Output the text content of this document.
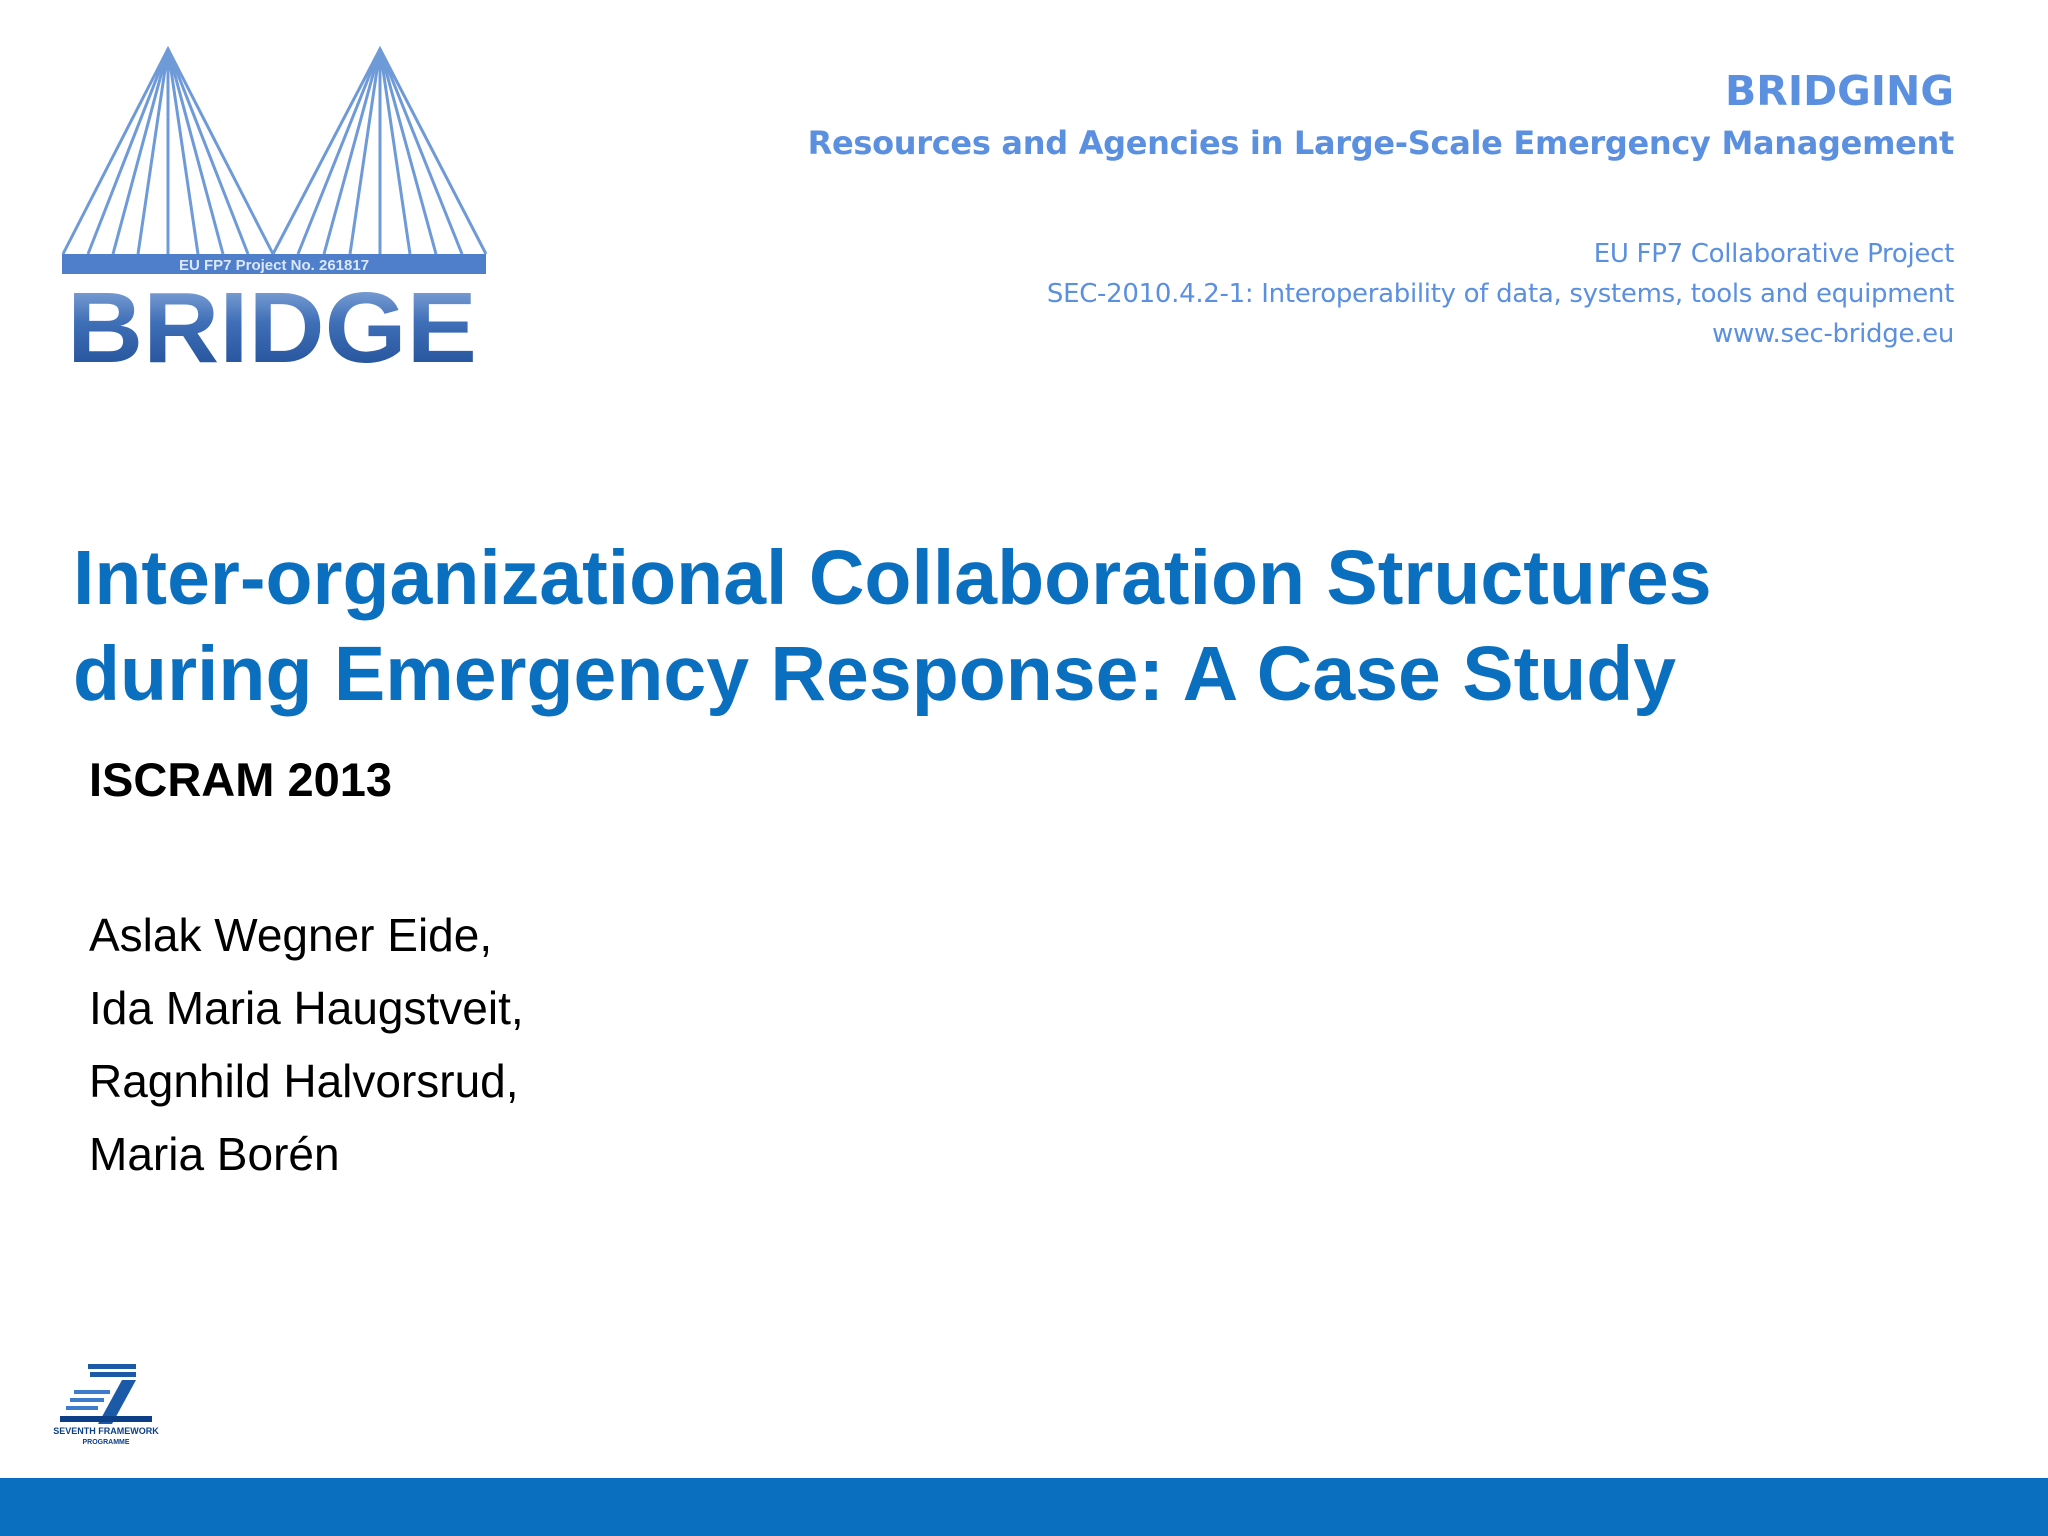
EU FP7 Project No. 261817
BRIDGE
BRIDGING
Resources and Agencies in Large-Scale Emergency Management
EU FP7 Collaborative Project
SEC-2010.4.2-1: Interoperability of data, systems, tools and equipment
www.sec-bridge.eu
Inter-organizational Collaboration Structures
during Emergency Response: A Case Study
ISCRAM 2013
Aslak Wegner Eide,
Ida Maria Haugstveit,
Ragnhild Halvorsrud,
Maria Borén
SEVENTH FRAMEWORK
PROGRAMME
